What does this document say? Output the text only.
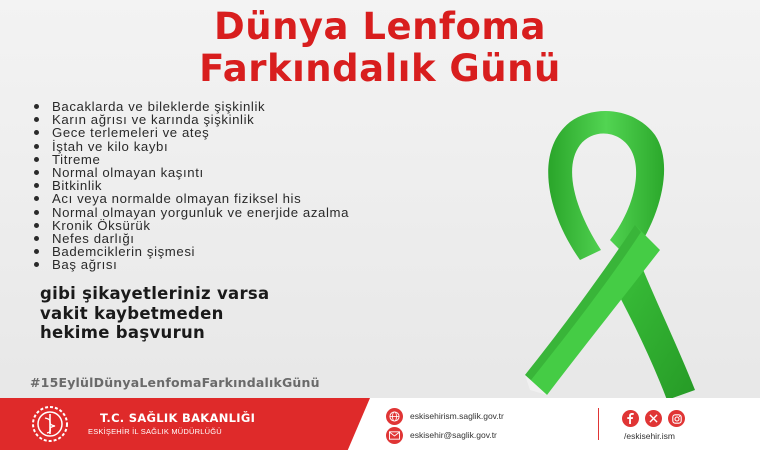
Dünya Lenfoma
Farkındalık Günü
Bacaklarda ve bileklerde şişkinlik
Karın ağrısı ve karında şişkinlik
Gece terlemeleri ve ateş
İştah ve kilo kaybı
Titreme
Normal olmayan kaşıntı
Bitkinlik
Acı veya normalde olmayan fiziksel his
Normal olmayan yorgunluk ve enerjide azalma
Kronik Öksürük
Nefes darlığı
Bademciklerin şişmesi
Baş ağrısı
gibi şikayetleriniz varsa
vakit kaybetmeden
hekime başvurun
#15EylülDünyaLenfomaFarkındalıkGünü
T.C. SAĞLIK BAKANLIĞI
ESKİŞEHİR İL SAĞLIK MÜDÜRLÜĞÜ
eskisehirism.saglik.gov.tr
eskisehir@saglik.gov.tr	/eskisehir.ism
